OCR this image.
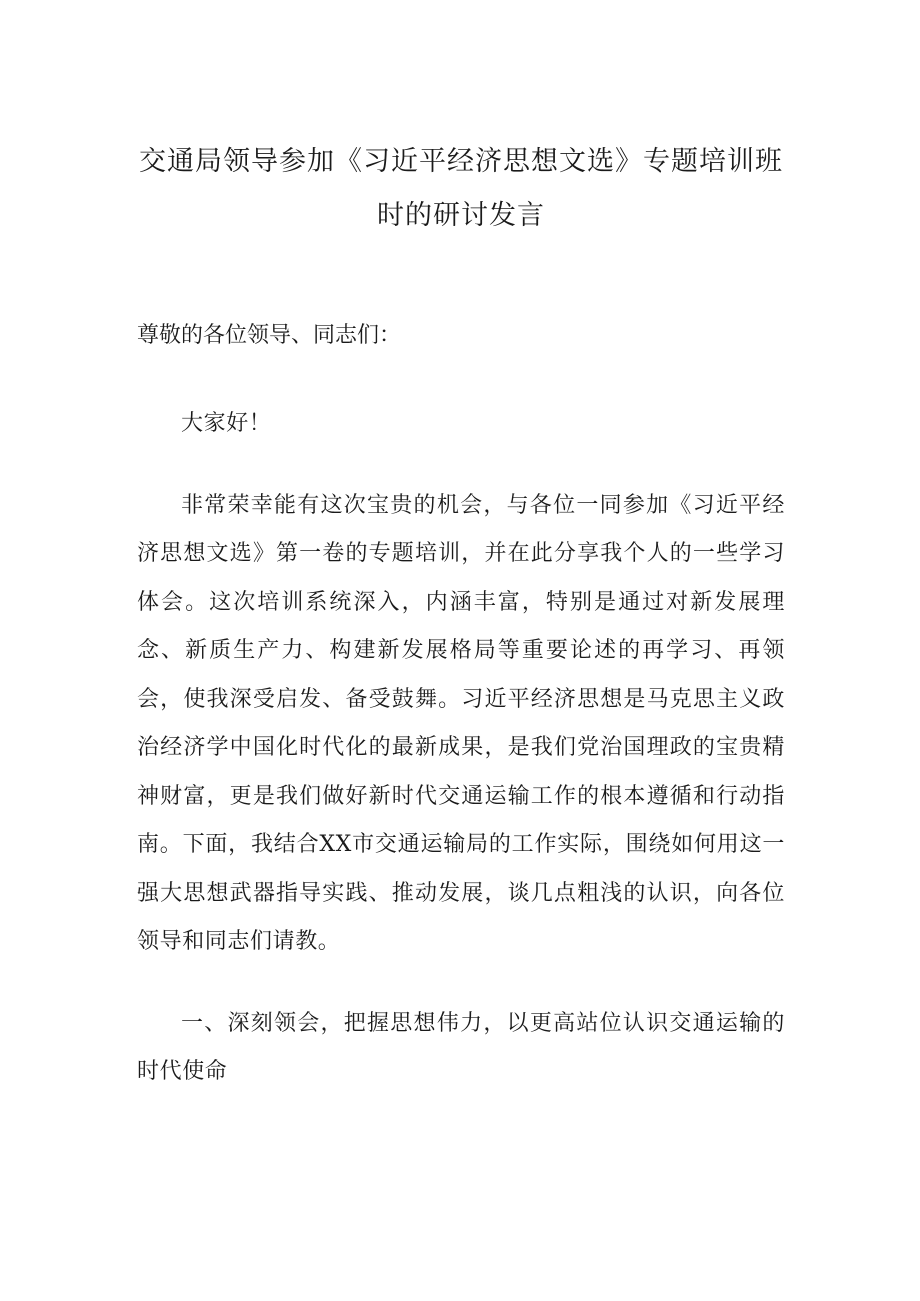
交通局领导参加《习近平经济思想文选》专题培训班
时的研讨发言

尊敬的各位领导、同志们：

大家好！

非常荣幸能有这次宝贵的机会，与各位一同参加《习近平经济思想文选》第一卷的专题培训，并在此分享我个人的一些学习体会。这次培训系统深入，内涵丰富，特别是通过对新发展理念、新质生产力、构建新发展格局等重要论述的再学习、再领会，使我深受启发、备受鼓舞。习近平经济思想是马克思主义政治经济学中国化时代化的最新成果，是我们党治国理政的宝贵精神财富，更是我们做好新时代交通运输工作的根本遵循和行动指南。下面，我结合XX市交通运输局的工作实际，围绕如何用这一强大思想武器指导实践、推动发展，谈几点粗浅的认识，向各位领导和同志们请教。

一、深刻领会，把握思想伟力，以更高站位认识交通运输的时代使命
